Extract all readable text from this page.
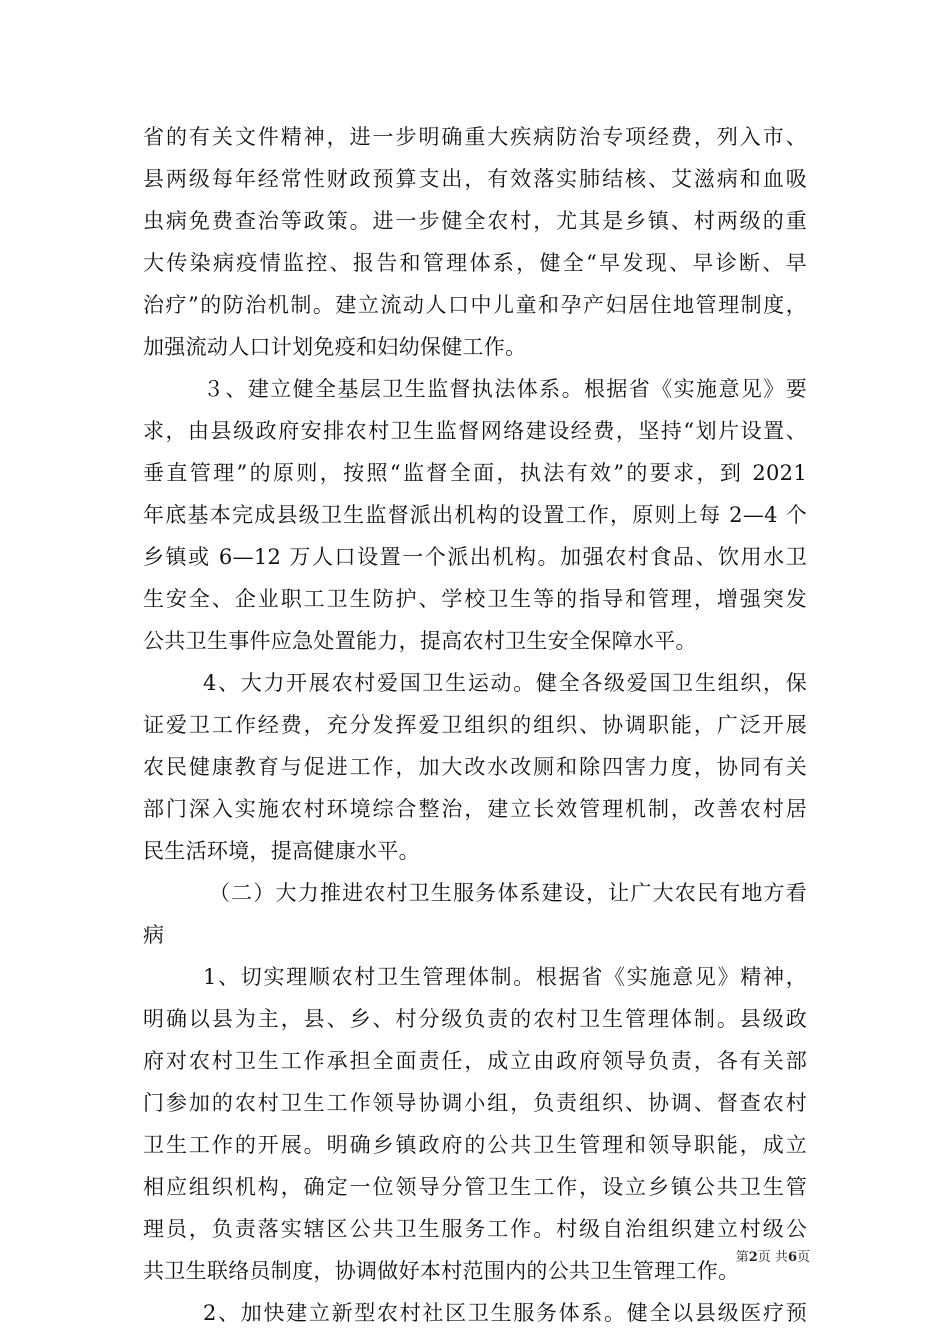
省的有关文件精神，进一步明确重大疾病防治专项经费，列入市、
县两级每年经常性财政预算支出，有效落实肺结核、艾滋病和血吸
虫病免费查治等政策。进一步健全农村，尤其是乡镇、村两级的重
大传染病疫情监控、报告和管理体系，健全“早发现、早诊断、早
治疗”的防治机制。建立流动人口中儿童和孕产妇居住地管理制度，
加强流动人口计划免疫和妇幼保健工作。
３、建立健全基层卫生监督执法体系。根据省《实施意见》要
求，由县级政府安排农村卫生监督网络建设经费，坚持“划片设置、
垂直管理”的原则，按照“监督全面，执法有效”的要求，到 2021
年底基本完成县级卫生监督派出机构的设置工作，原则上每 2—4 个
乡镇或 6—12 万人口设置一个派出机构。加强农村食品、饮用水卫
生安全、企业职工卫生防护、学校卫生等的指导和管理，增强突发
公共卫生事件应急处置能力，提高农村卫生安全保障水平。
4、大力开展农村爱国卫生运动。健全各级爱国卫生组织，保
证爱卫工作经费，充分发挥爱卫组织的组织、协调职能，广泛开展
农民健康教育与促进工作，加大改水改厕和除四害力度，协同有关
部门深入实施农村环境综合整治，建立长效管理机制，改善农村居
民生活环境，提高健康水平。
（二）大力推进农村卫生服务体系建设，让广大农民有地方看
病
1、切实理顺农村卫生管理体制。根据省《实施意见》精神，
明确以县为主，县、乡、村分级负责的农村卫生管理体制。县级政
府对农村卫生工作承担全面责任，成立由政府领导负责，各有关部
门参加的农村卫生工作领导协调小组，负责组织、协调、督查农村
卫生工作的开展。明确乡镇政府的公共卫生管理和领导职能，成立
相应组织机构，确定一位领导分管卫生工作，设立乡镇公共卫生管
理员，负责落实辖区公共卫生服务工作。村级自治组织建立村级公
共卫生联络员制度，协调做好本村范围内的公共卫生管理工作。
2、加快建立新型农村社区卫生服务体系。健全以县级医疗预
第2页 共6页
